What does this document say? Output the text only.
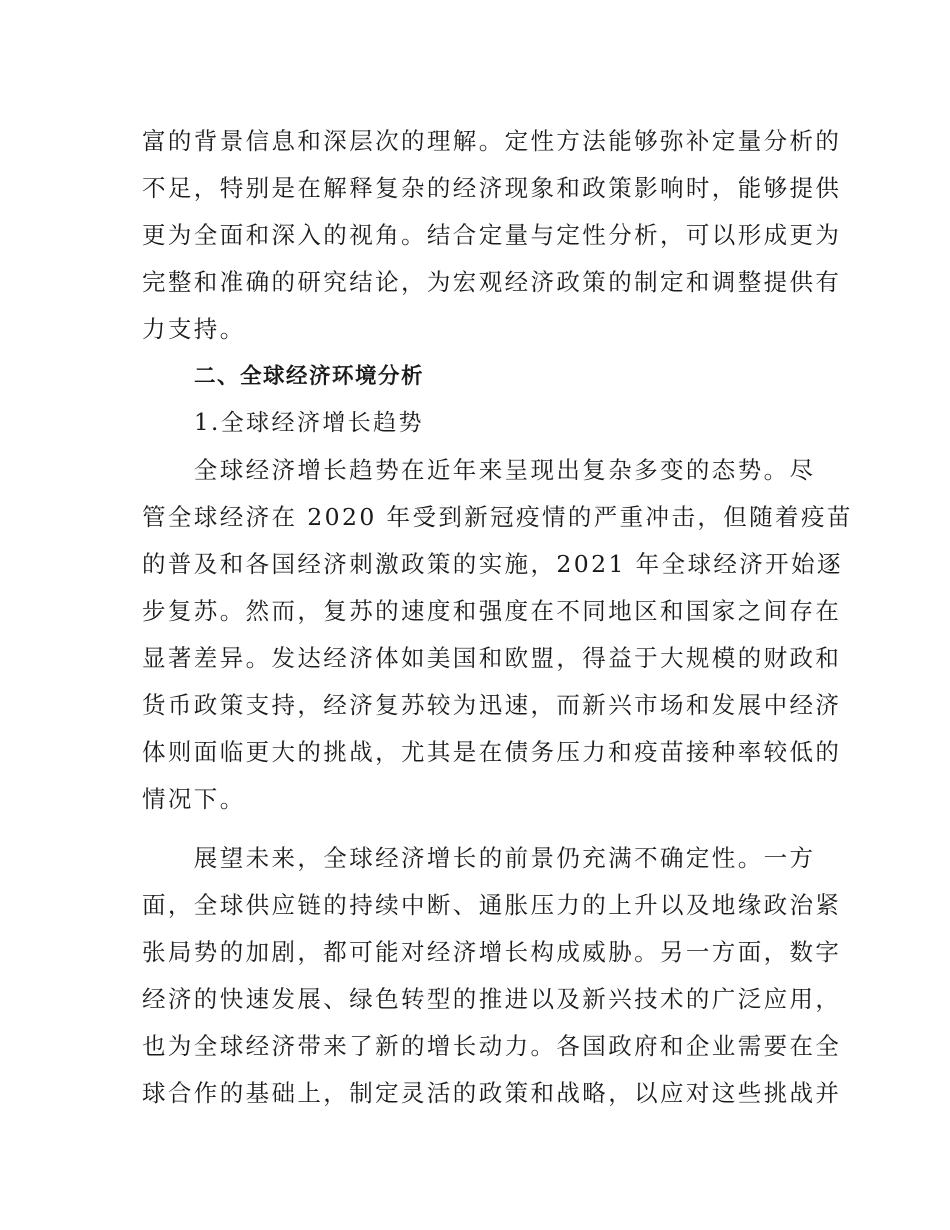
富的背景信息和深层次的理解。定性方法能够弥补定量分析的
不足，特别是在解释复杂的经济现象和政策影响时，能够提供
更为全面和深入的视角。结合定量与定性分析，可以形成更为
完整和准确的研究结论，为宏观经济政策的制定和调整提供有
力支持。
二、全球经济环境分析
1.全球经济增长趋势
　　全球经济增长趋势在近年来呈现出复杂多变的态势。尽
管全球经济在 2020 年受到新冠疫情的严重冲击，但随着疫苗
的普及和各国经济刺激政策的实施，2021 年全球经济开始逐
步复苏。然而，复苏的速度和强度在不同地区和国家之间存在
显著差异。发达经济体如美国和欧盟，得益于大规模的财政和
货币政策支持，经济复苏较为迅速，而新兴市场和发展中经济
体则面临更大的挑战，尤其是在债务压力和疫苗接种率较低的
情况下。
　　展望未来，全球经济增长的前景仍充满不确定性。一方
面，全球供应链的持续中断、通胀压力的上升以及地缘政治紧
张局势的加剧，都可能对经济增长构成威胁。另一方面，数字
经济的快速发展、绿色转型的推进以及新兴技术的广泛应用，
也为全球经济带来了新的增长动力。各国政府和企业需要在全
球合作的基础上，制定灵活的政策和战略，以应对这些挑战并
